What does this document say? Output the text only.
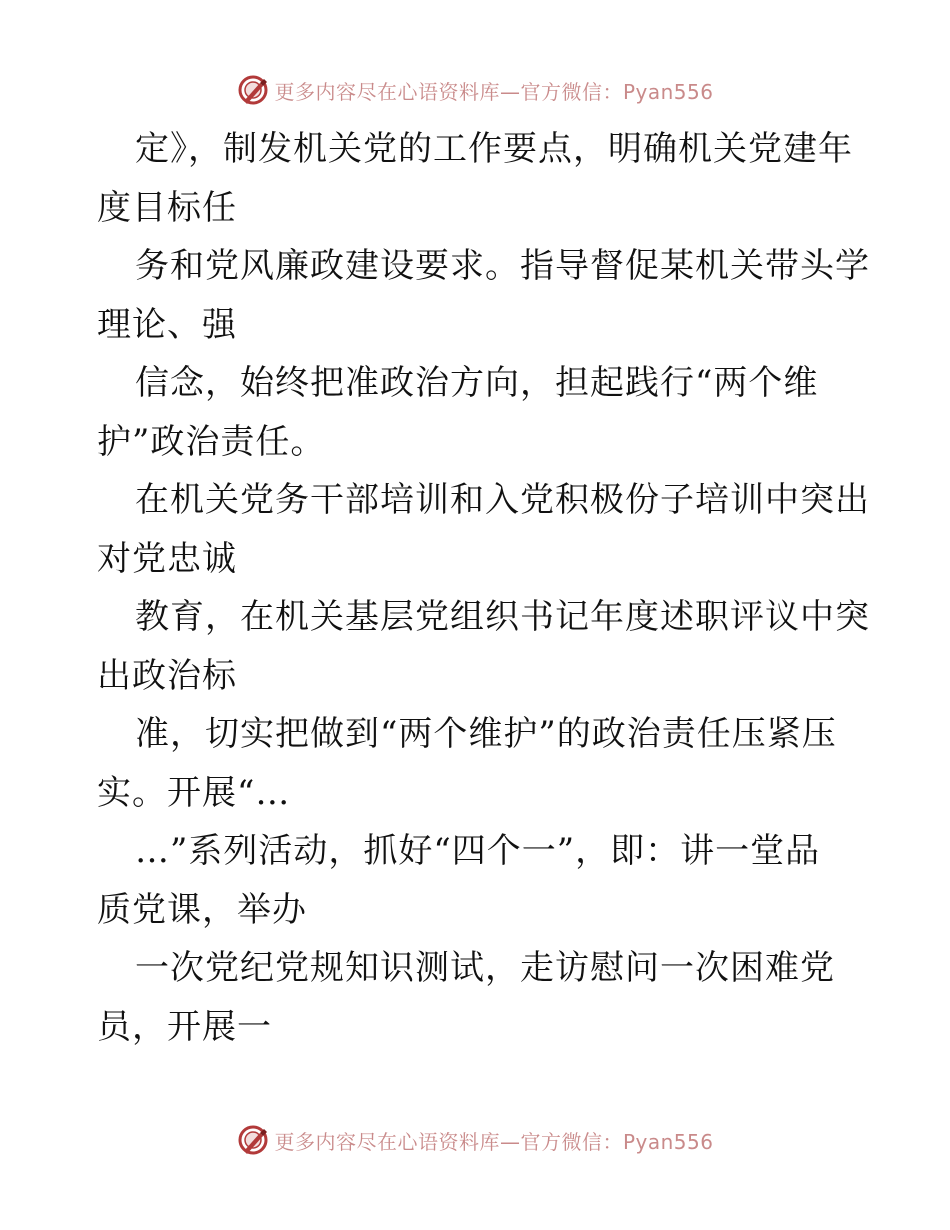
更多内容尽在心语资料库—官方微信：Pyan556
定》，制发机关党的工作要点，明确机关党建年
度目标任
务和党风廉政建设要求。指导督促某机关带头学
理论、强
信念，始终把准政治方向，担起践行“两个维
护”政治责任。
在机关党务干部培训和入党积极份子培训中突出
对党忠诚
教育，在机关基层党组织书记年度述职评议中突
出政治标
准，切实把做到“两个维护”的政治责任压紧压
实。开展“…
…”系列活动，抓好“四个一”，即：讲一堂品
质党课，举办
一次党纪党规知识测试，走访慰问一次困难党
员，开展一
更多内容尽在心语资料库—官方微信：Pyan556
